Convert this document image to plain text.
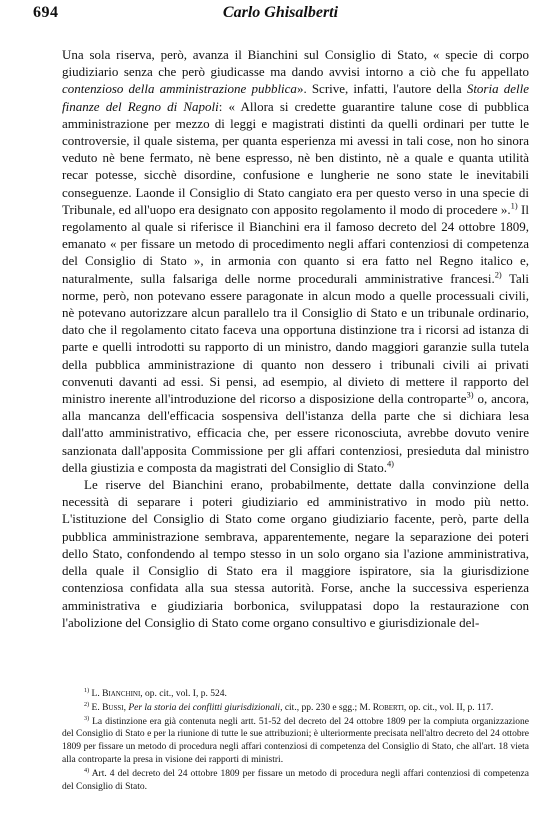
694	Carlo Ghisalberti

Una sola riserva, però, avanza il Bianchini sul Consiglio di Stato, « specie di corpo giudiziario senza che però giudicasse ma dando avvisi intorno a ciò che fu appellato contenzioso della amministrazione pubblica». Scrive, infatti, l'autore della Storia delle finanze del Regno di Napoli: « Allora si credette guarantire talune cose di pubblica amministrazione per mezzo di leggi e magistrati distinti da quelli ordinari per tutte le controversie, il quale sistema, per quanta esperienza mi avessi in tali cose, non ho sinora veduto nè bene fermato, nè bene espresso, nè ben distinto, nè a quale e quanta utilità recar potesse, sicchè disordine, confusione e lungherie ne sono state le inevitabili conseguenze. Laonde il Consiglio di Stato cangiato era per questo verso in una specie di Tribunale, ed all'uopo era designato con apposito regolamento il modo di procedere ».$^{1)}$ Il regolamento al quale si riferisce il Bianchini era il famoso decreto del 24 ottobre 1809, emanato « per fissare un metodo di procedimento negli affari contenziosi di competenza del Consiglio di Stato », in armonia con quanto si era fatto nel Regno italico e, naturalmente, sulla falsariga delle norme procedurali amministrative francesi.$^{2)}$ Tali norme, però, non potevano essere paragonate in alcun modo a quelle processuali civili, nè potevano autorizzare alcun parallelo tra il Consiglio di Stato e un tribunale ordinario, dato che il regolamento citato faceva una opportuna distinzione tra i ricorsi ad istanza di parte e quelli introdotti su rapporto di un ministro, dando maggiori garanzie sulla tutela della pubblica amministrazione di quanto non dessero i tribunali civili ai privati convenuti davanti ad essi. Si pensi, ad esempio, al divieto di mettere il rapporto del ministro inerente all'introduzione del ricorso a disposizione della controparte$^{3)}$ o, ancora, alla mancanza dell'efficacia sospensiva dell'istanza della parte che si dichiara lesa dall'atto amministrativo, efficacia che, per essere riconosciuta, avrebbe dovuto venire sanzionata dall'apposita Commissione per gli affari contenziosi, presieduta dal ministro della giustizia e composta da magistrati del Consiglio di Stato.$^{4)}$

Le riserve del Bianchini erano, probabilmente, dettate dalla convinzione della necessità di separare i poteri giudiziario ed amministrativo in modo più netto. L'istituzione del Consiglio di Stato come organo giudiziario facente, però, parte della pubblica amministrazione sembrava, apparentemente, negare la separazione dei poteri dello Stato, confondendo al tempo stesso in un solo organo sia l'azione amministrativa, della quale il Consiglio di Stato era il maggiore ispiratore, sia la giurisdizione contenziosa confidata alla sua stessa autorità. Forse, anche la successiva esperienza amministrativa e giudiziaria borbonica, sviluppatasi dopo la restaurazione con l'abolizione del Consiglio di Stato come organo consultivo e giurisdizionale del-

$^{1)}$ L. Bianchini, op. cit., vol. I, p. 524.

$^{2)}$ E. Bussi, Per la storia dei conflitti giurisdizionali, cit., pp. 230 e sgg.; M. Roberti, op. cit., vol. II, p. 117.

$^{3)}$ La distinzione era già contenuta negli artt. 51-52 del decreto del 24 ottobre 1809 per la compiuta organizzazione del Consiglio di Stato e per la riunione di tutte le sue attribuzioni; è ulteriormente precisata nell'altro decreto del 24 ottobre 1809 per fissare un metodo di procedura negli affari contenziosi di competenza del Consiglio di Stato, che all'art. 18 vieta alla controparte la presa in visione dei rapporti di ministri.

$^{4)}$ Art. 4 del decreto del 24 ottobre 1809 per fissare un metodo di procedura negli affari contenziosi di competenza del Consiglio di Stato.
